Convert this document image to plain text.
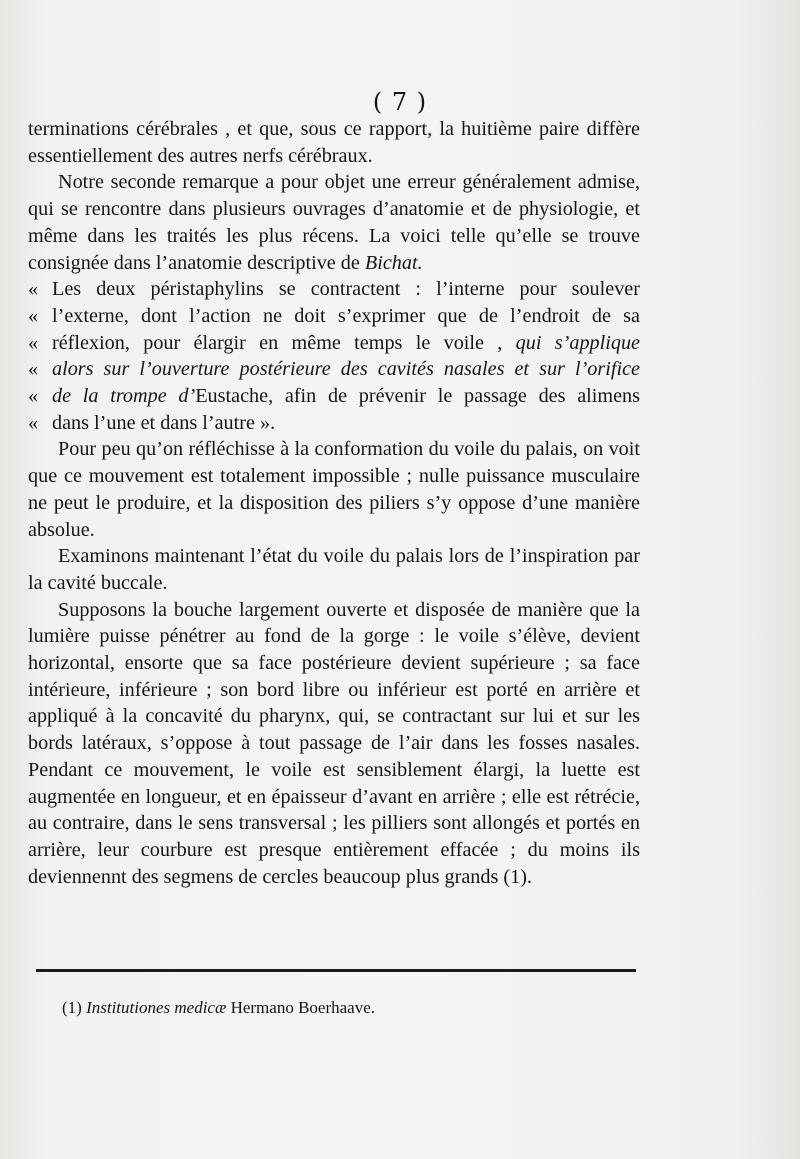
( 7 )

terminations cérébrales , et que, sous ce rapport, la huitième paire diffère essentiellement des autres nerfs cérébraux.

Notre seconde remarque a pour objet une erreur généralement admise, qui se rencontre dans plusieurs ouvrages d’anatomie et de physiologie, et même dans les traités les plus récens. La voici telle qu’elle se trouve consignée dans l’anatomie descriptive de Bichat.

« Les deux péristaphylins se contractent : l’interne pour soulever
« l’externe, dont l’action ne doit s’exprimer que de l’endroit de sa
« réflexion, pour élargir en même temps le voile , qui s’applique
« alors sur l’ouverture postérieure des cavités nasales et sur l’orifice
« de la trompe d’Eustache, afin de prévenir le passage des alimens
« dans l’une et dans l’autre ».

Pour peu qu’on réfléchisse à la conformation du voile du palais, on voit que ce mouvement est totalement impossible ; nulle puissance musculaire ne peut le produire, et la disposition des piliers s’y oppose d’une manière absolue.

Examinons maintenant l’état du voile du palais lors de l’inspiration par la cavité buccale.

Supposons la bouche largement ouverte et disposée de manière que la lumière puisse pénétrer au fond de la gorge : le voile s’élève, devient horizontal, ensorte que sa face postérieure devient supérieure ; sa face intérieure, inférieure ; son bord libre ou inférieur est porté en arrière et appliqué à la concavité du pharynx, qui, se contractant sur lui et sur les bords latéraux, s’oppose à tout passage de l’air dans les fosses nasales. Pendant ce mouvement, le voile est sensiblement élargi, la luette est augmentée en longueur, et en épaisseur d’avant en arrière ; elle est rétrécie, au contraire, dans le sens transversal ; les pilliers sont allongés et portés en arrière, leur courbure est presque entièrement effacée ; du moins ils deviennennt des segmens de cercles beaucoup plus grands (1).

(1) Institutiones medicæ Hermano Boerhaave.
